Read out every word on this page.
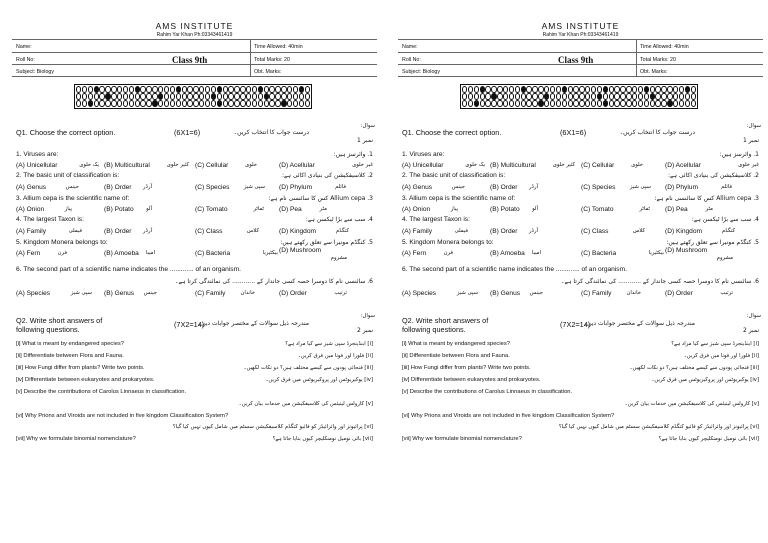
AMS INSTITUTE
Rahim Yar Khan Ph:03343461419
Name:	Time Allowed: 40min
Roll No:	Class 9th	Total Marks: 20
Subject: Biology	Obt. Marks:
Q1. Choose the correct option.	(6X1=6)	درست جواب کا انتخاب کریں۔
سوال:
نمبر 1
1. Viruses are:	1. وائرسز ہیں:
(A) Unicellular	یک خلوی (B) Multicultural	کثیر خلوی (C) Cellular	خلوی	(D) Acellular	غیر خلوی
2. The basic unit of classification is:	2. کلاسیفکیشن کی بنیادی اکائی ہے:
(A) Genus	جینس	(B) Order آرڈر	(C) Species	سپی شیز (D) Phylum	فائلم
3. Allium cepa is the scientific name of:	3. Allium cepa کس کا سائنسی نام ہے:
(A) Onion	پیاز	(B) Potato آلو	(C) Tomato	ٹماٹر (D) Pea	مٹر
4. The largest Taxon is:	4. سب سے بڑا ٹیکسن ہے:
(A) Family	فیملی	(B) Order آرڈر	(C) Class	کلاس	(D) Kingdom	کنگڈم
5. Kingdom Monera belongs to:	5. کنگڈم مونیرا سے تعلق رکھتے ہیں:
(A) Fern	فرن	(B) Amoeba امیبا	(C) Bacteria	بیکٹیریا (D) Mushroom
مشروم
6. The second part of a scientific name indicates the ............. of an organism.
6. سائنسی نام کا دوسرا حصہ کسی جاندار کے ............ کی نمائندگی کرتا ہے۔
(A) Species	سپی شیز (B) Genus جینس	(C) Family	خاندان	(D) Order	ترتیب
Q2. Write short answers of following questions.
(7X2=14)
مندرجہ ذیل سوالات کے مختصر جوابات دیں۔
سوال:
نمبر 2
[i] What is meant by endangered species?	[i] اینڈینجرڈ سپی شیز سے کیا مراد ہے؟
[ii] Differentiate between Flora and Fauna.	[ii] فلورا اور فونا میں فرق کریں۔
[iii] How Fungi differ from plants? Write two points.	[iii] فنجائی پودوں سے کیسے مختلف ہیں؟ دو نکات لکھیں۔
[iv] Differentiate between eukaryotes and prokaryotes.	[iv] یوکیریوٹس اور پروکیریوٹس میں فرق کریں۔
[v] Describe the contributions of Carolus Linnaeus in classification.
[v] کارولس لینیئس کی کلاسیفکیشن میں خدمات بیان کریں۔
[vi] Why Prions and Viroids are not included in five kingdom Classification System?
[vi] پرائیونز اور وائرائیڈز کو فائیو کنگڈم کلاسیفکیشن سسٹم میں شامل کیوں نہیں کیا گیا؟
[vii] Why we formulate binomial nomenclature?	[vii] بائی نومیل نومنکلیچر کیوں بنایا جاتا ہے؟
AMS INSTITUTE
Rahim Yar Khan Ph:03343461419
Name:	Time Allowed: 40min
Roll No:	Class 9th	Total Marks: 20
Subject: Biology	Obt. Marks:
Q1. Choose the correct option.	(6X1=6)	درست جواب کا انتخاب کریں۔
سوال:
نمبر 1
1. Viruses are:	1. وائرسز ہیں:
(A) Unicellular	یک خلوی (B) Multicultural	کثیر خلوی (C) Cellular	خلوی	(D) Acellular	غیر خلوی
2. The basic unit of classification is:	2. کلاسیفکیشن کی بنیادی اکائی ہے:
(A) Genus	جینس	(B) Order آرڈر	(C) Species	سپی شیز (D) Phylum	فائلم
3. Allium cepa is the scientific name of:	3. Allium cepa کس کا سائنسی نام ہے:
(A) Onion	پیاز	(B) Potato آلو	(C) Tomato	ٹماٹر (D) Pea	مٹر
4. The largest Taxon is:	4. سب سے بڑا ٹیکسن ہے:
(A) Family	فیملی	(B) Order آرڈر	(C) Class	کلاس	(D) Kingdom	کنگڈم
5. Kingdom Monera belongs to:	5. کنگڈم مونیرا سے تعلق رکھتے ہیں:
(A) Fern	فرن	(B) Amoeba امیبا	(C) Bacteria	بیکٹیریا (D) Mushroom
مشروم
6. The second part of a scientific name indicates the ............. of an organism.
6. سائنسی نام کا دوسرا حصہ کسی جاندار کے ............ کی نمائندگی کرتا ہے۔
(A) Species	سپی شیز (B) Genus جینس	(C) Family	خاندان	(D) Order	ترتیب
Q2. Write short answers of following questions.
(7X2=14)
مندرجہ ذیل سوالات کے مختصر جوابات دیں۔
سوال:
نمبر 2
[i] What is meant by endangered species?	[i] اینڈینجرڈ سپی شیز سے کیا مراد ہے؟
[ii] Differentiate between Flora and Fauna.	[ii] فلورا اور فونا میں فرق کریں۔
[iii] How Fungi differ from plants? Write two points.	[iii] فنجائی پودوں سے کیسے مختلف ہیں؟ دو نکات لکھیں۔
[iv] Differentiate between eukaryotes and prokaryotes.	[iv] یوکیریوٹس اور پروکیریوٹس میں فرق کریں۔
[v] Describe the contributions of Carolus Linnaeus in classification.
[v] کارولس لینیئس کی کلاسیفکیشن میں خدمات بیان کریں۔
[vi] Why Prions and Viroids are not included in five kingdom Classification System?
[vi] پرائیونز اور وائرائیڈز کو فائیو کنگڈم کلاسیفکیشن سسٹم میں شامل کیوں نہیں کیا گیا؟
[vii] Why we formulate binomial nomenclature?	[vii] بائی نومیل نومنکلیچر کیوں بنایا جاتا ہے؟
